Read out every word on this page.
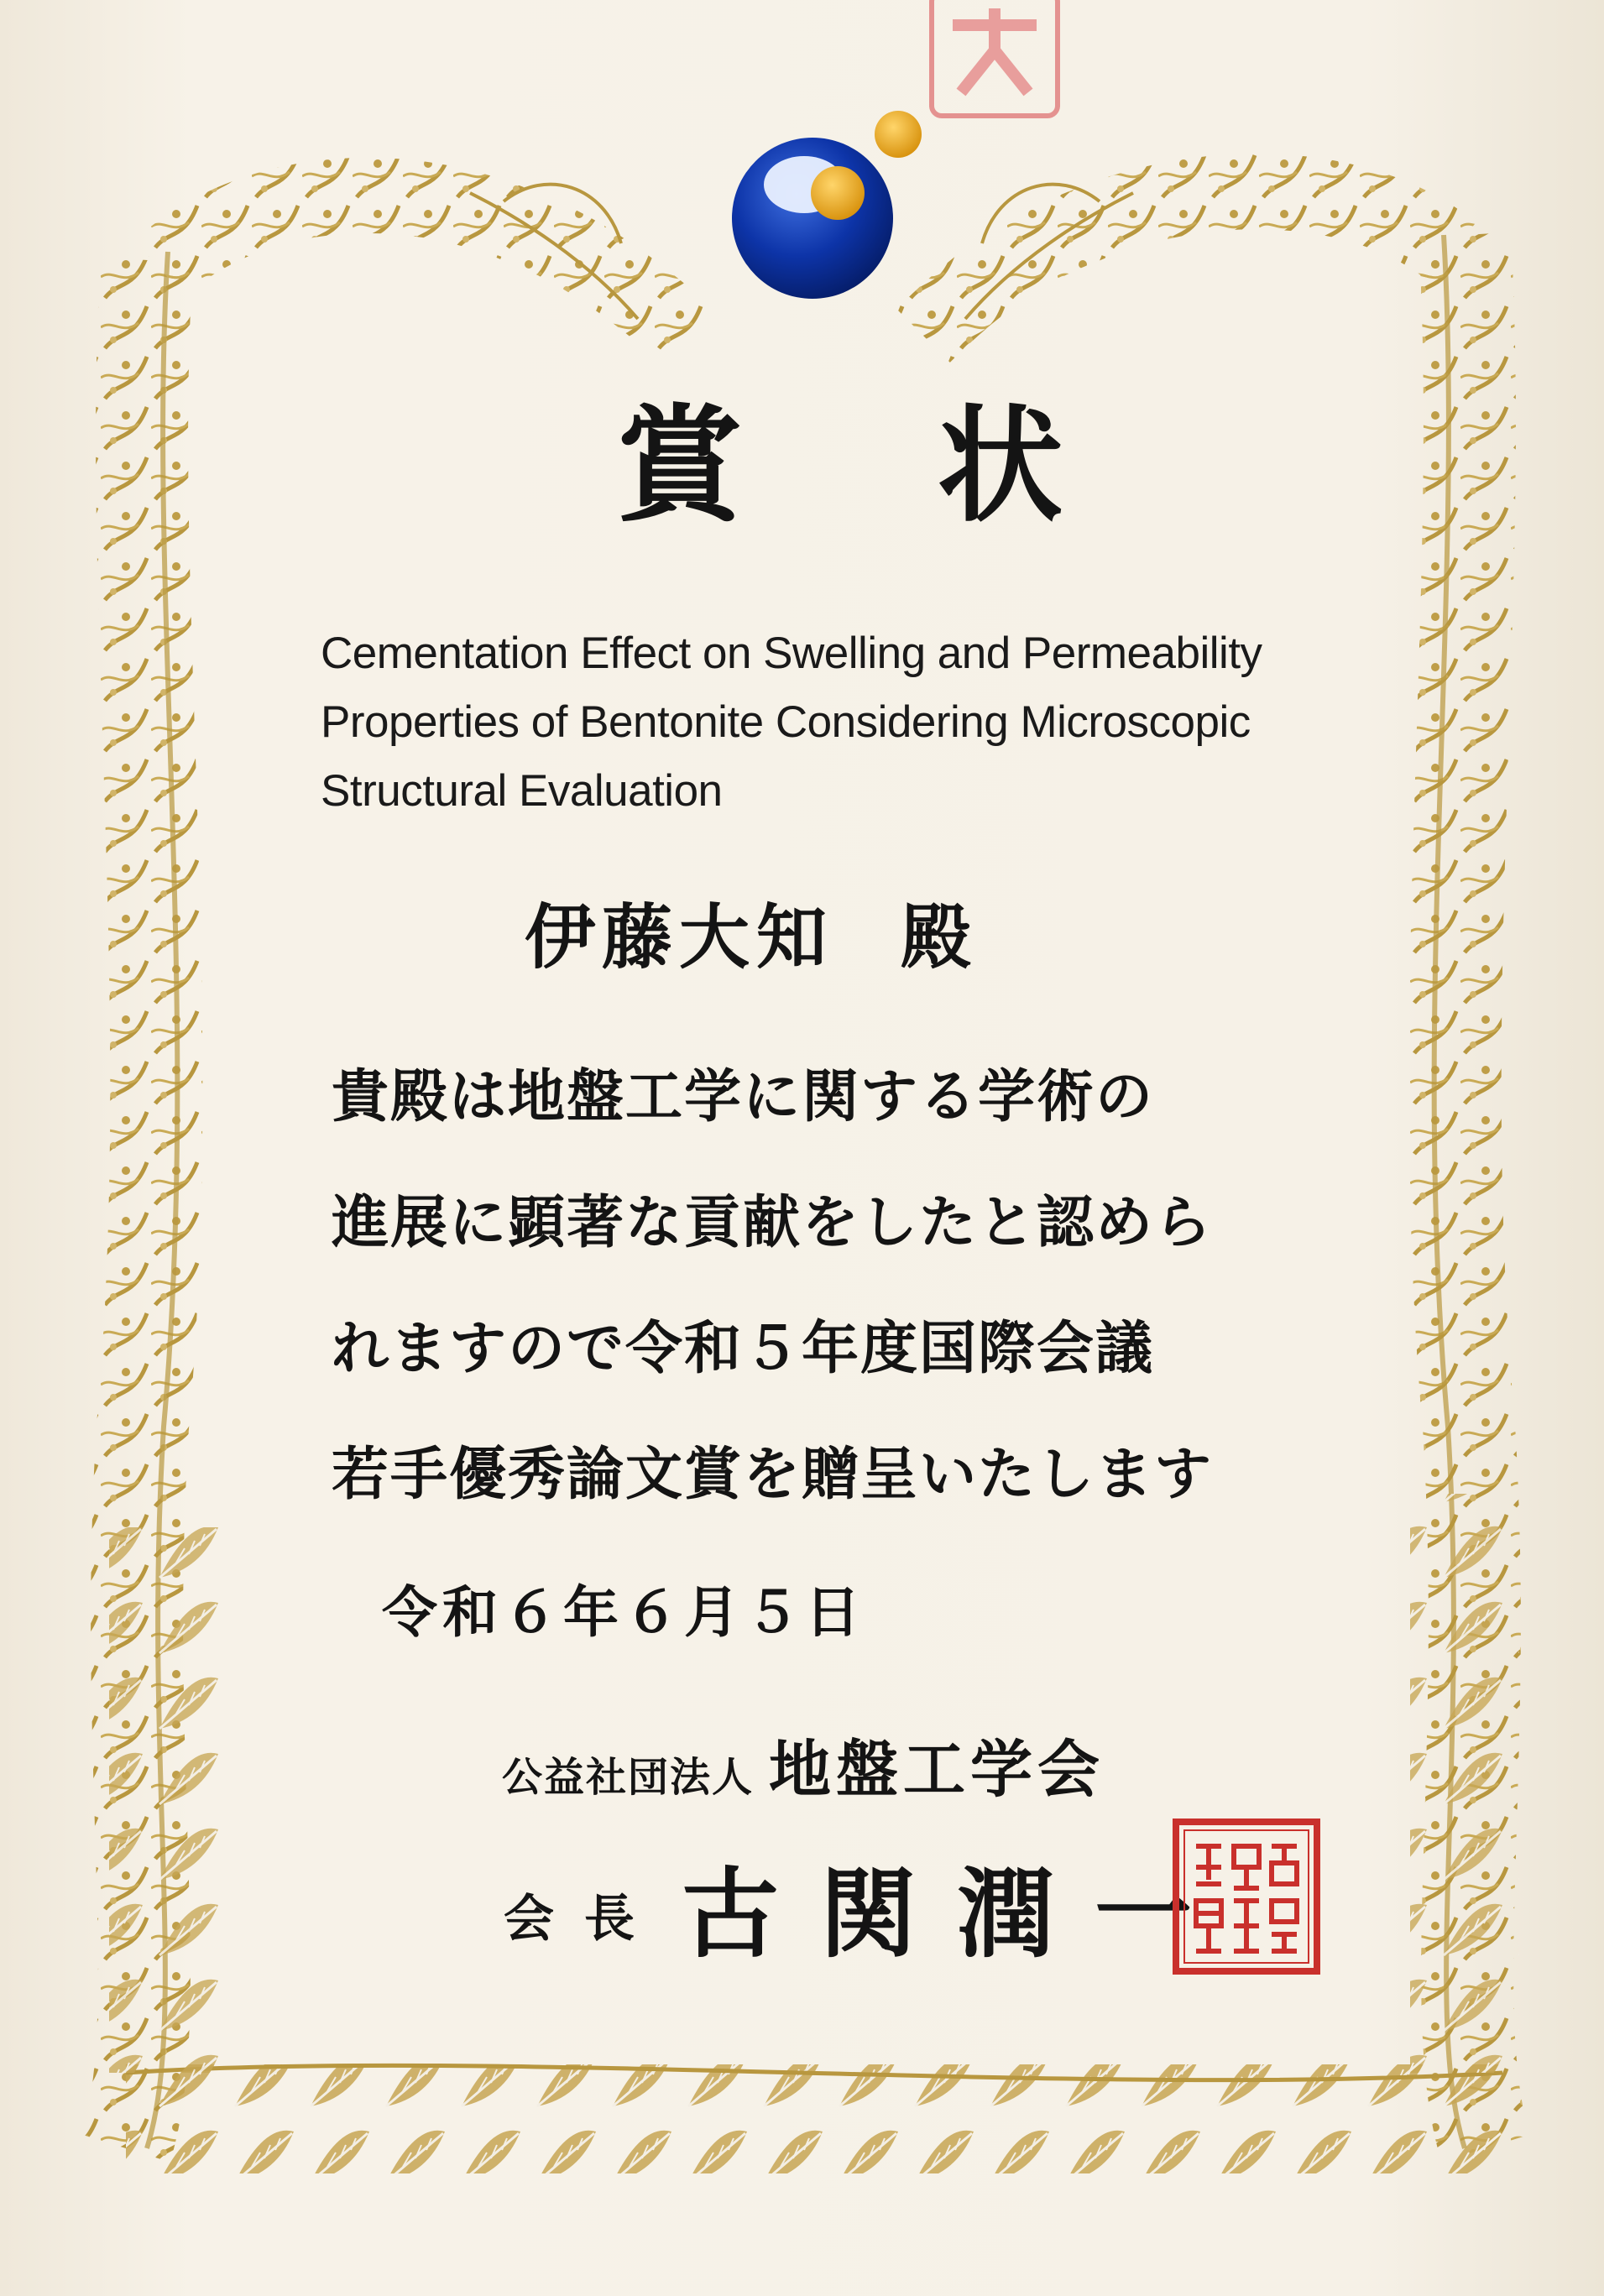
賞 状
Cementation Effect on Swelling and Permeability
Properties of Bentonite Considering Microscopic
Structural Evaluation
伊藤大知 殿
貴殿は地盤工学に関する学術の
進展に顕著な貢献をしたと認めら
れますので令和５年度国際会議
若手優秀論文賞を贈呈いたします
令和６年６月５日
公益社団法人 地盤工学会
会長 古関潤一
